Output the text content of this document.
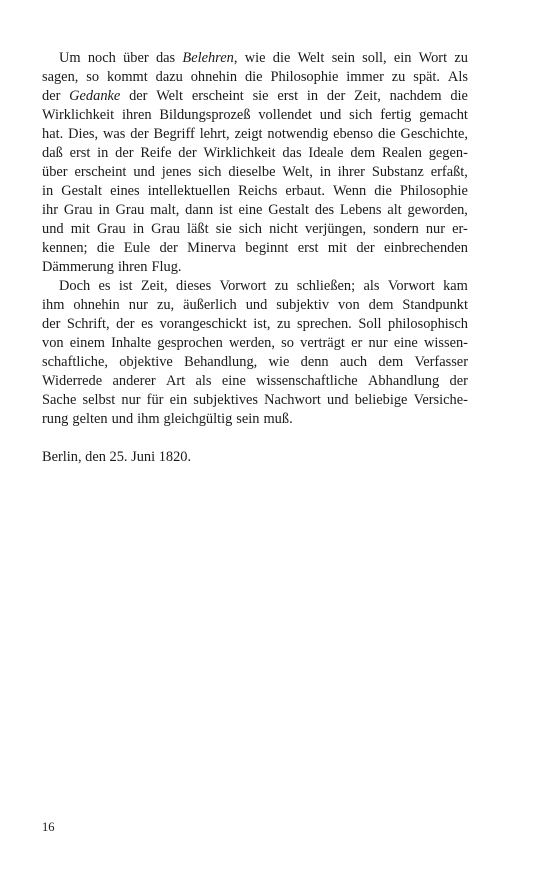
Um noch über das Belehren, wie die Welt sein soll, ein Wort zu
sagen, so kommt dazu ohnehin die Philosophie immer zu spät. Als
der Gedanke der Welt erscheint sie erst in der Zeit, nachdem die
Wirklichkeit ihren Bildungsprozeß vollendet und sich fertig gemacht
hat. Dies, was der Begriff lehrt, zeigt notwendig ebenso die Geschichte,
daß erst in der Reife der Wirklichkeit das Ideale dem Realen gegen-
über erscheint und jenes sich dieselbe Welt, in ihrer Substanz erfaßt,
in Gestalt eines intellektuellen Reichs erbaut. Wenn die Philosophie
ihr Grau in Grau malt, dann ist eine Gestalt des Lebens alt geworden,
und mit Grau in Grau läßt sie sich nicht verjüngen, sondern nur er-
kennen; die Eule der Minerva beginnt erst mit der einbrechenden
Dämmerung ihren Flug.
Doch es ist Zeit, dieses Vorwort zu schließen; als Vorwort kam
ihm ohnehin nur zu, äußerlich und subjektiv von dem Standpunkt
der Schrift, der es vorangeschickt ist, zu sprechen. Soll philosophisch
von einem Inhalte gesprochen werden, so verträgt er nur eine wissen-
schaftliche, objektive Behandlung, wie denn auch dem Verfasser
Widerrede anderer Art als eine wissenschaftliche Abhandlung der
Sache selbst nur für ein subjektives Nachwort und beliebige Versiche-
rung gelten und ihm gleichgültig sein muß.
Berlin, den 25. Juni 1820.
16
